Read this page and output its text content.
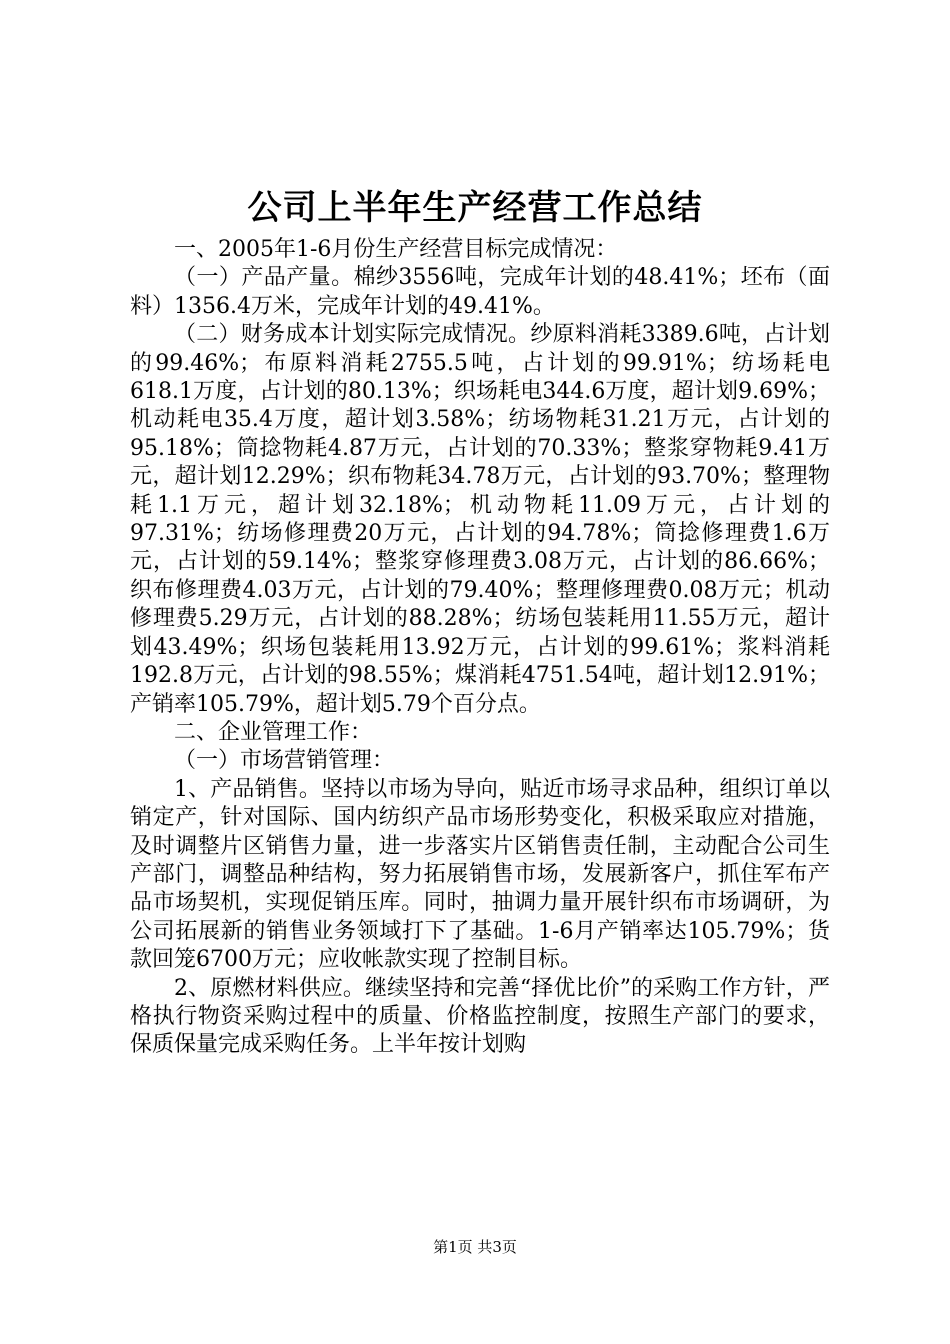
公司上半年生产经营工作总结

一、2005年1-6月份生产经营目标完成情况：

（一）产品产量。棉纱3556吨，完成年计划的48.41%；坯布（面料）1356.4万米，完成年计划的49.41%。

（二）财务成本计划实际完成情况。纱原料消耗3389.6吨，占计划的99.46%；布原料消耗2755.5吨，占计划的99.91%；纺场耗电618.1万度，占计划的80.13%；织场耗电344.6万度，超计划9.69%；机动耗电35.4万度，超计划3.58%；纺场物耗31.21万元，占计划的95.18%；筒捻物耗4.87万元，占计划的70.33%；整浆穿物耗9.41万元，超计划12.29%；织布物耗34.78万元，占计划的93.70%；整理物耗1.1万元，超计划32.18%；机动物耗11.09万元，占计划的97.31%；纺场修理费20万元，占计划的94.78%；筒捻修理费1.6万元，占计划的59.14%；整浆穿修理费3.08万元，占计划的86.66%；织布修理费4.03万元，占计划的79.40%；整理修理费0.08万元；机动修理费5.29万元，占计划的88.28%；纺场包装耗用11.55万元，超计划43.49%；织场包装耗用13.92万元，占计划的99.61%；浆料消耗192.8万元，占计划的98.55%；煤消耗4751.54吨，超计划12.91%；产销率105.79%，超计划5.79个百分点。

二、企业管理工作：

（一）市场营销管理：

1、产品销售。坚持以市场为导向，贴近市场寻求品种，组织订单以销定产，针对国际、国内纺织产品市场形势变化，积极采取应对措施，及时调整片区销售力量，进一步落实片区销售责任制，主动配合公司生产部门，调整品种结构，努力拓展销售市场，发展新客户，抓住军布产品市场契机，实现促销压库。同时，抽调力量开展针织布市场调研，为公司拓展新的销售业务领域打下了基础。1-6月产销率达105.79%；货款回笼6700万元；应收帐款实现了控制目标。

2、原燃材料供应。继续坚持和完善“择优比价”的采购工作方针，严格执行物资采购过程中的质量、价格监控制度，按照生产部门的要求，保质保量完成采购任务。上半年按计划购

第1页 共3页
